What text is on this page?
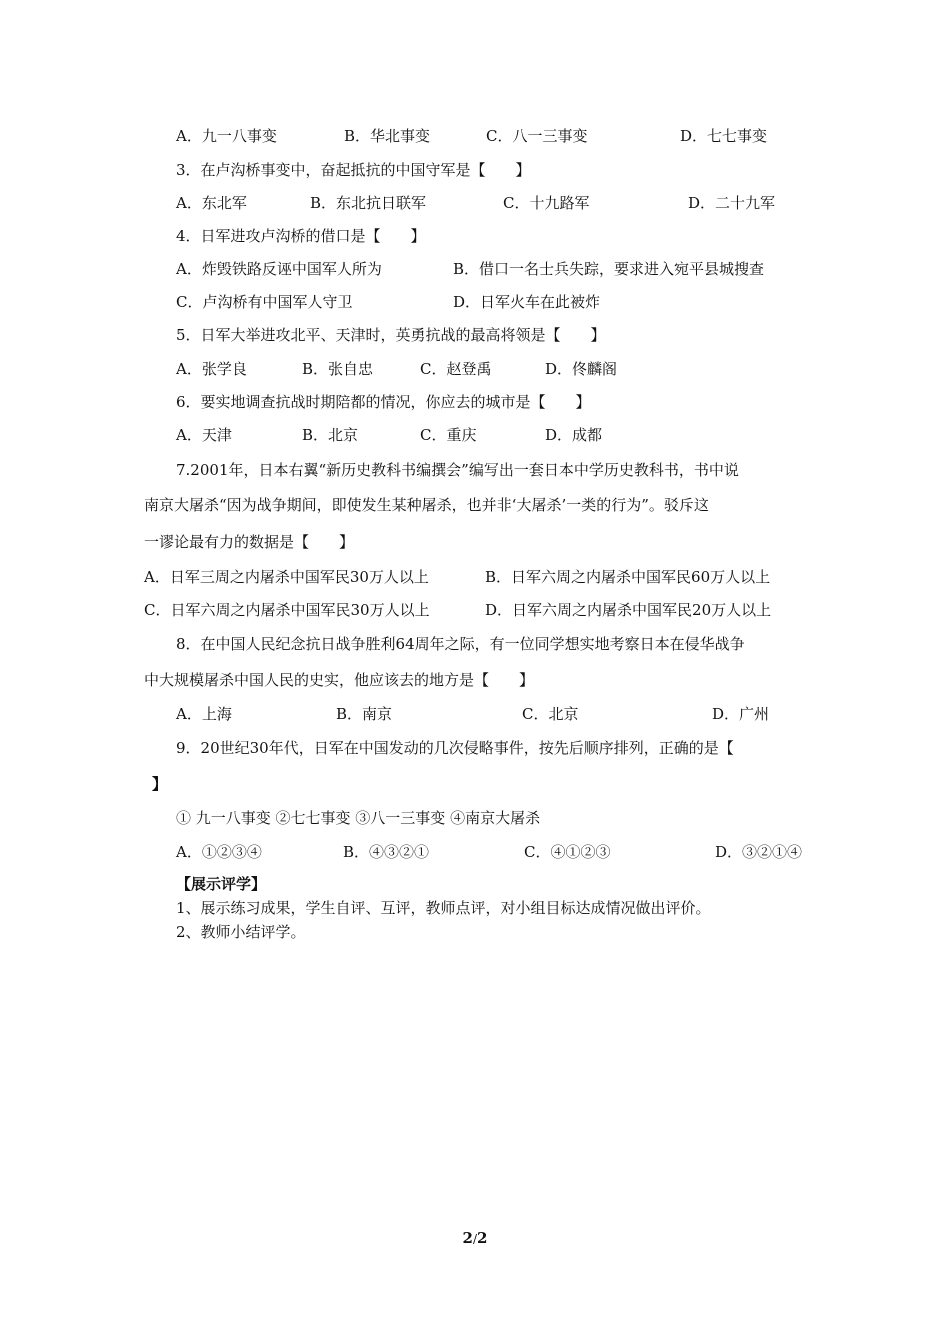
A．九一八事变	B．华北事变	C．八一三事变	D．七七事变
3．在卢沟桥事变中，奋起抵抗的中国守军是【　　】
A．东北军	B．东北抗日联军	C．十九路军	D．二十九军
4．日军进攻卢沟桥的借口是【　　】
A．炸毁铁路反诬中国军人所为	B．借口一名士兵失踪，要求进入宛平县城搜查
C．卢沟桥有中国军人守卫	D．日军火车在此被炸
5．日军大举进攻北平、天津时，英勇抗战的最高将领是【　　】
A．张学良	B．张自忠	C．赵登禹	D．佟麟阁
6．要实地调查抗战时期陪都的情况，你应去的城市是【　　】
A．天津	B．北京	C．重庆	D．成都
7.2001年，日本右翼“新历史教科书编撰会”编写出一套日本中学历史教科书，书中说
南京大屠杀“因为战争期间，即使发生某种屠杀，也并非‘大屠杀’一类的行为”。驳斥这
一谬论最有力的数据是【　　】
A．日军三周之内屠杀中国军民30万人以上	B．日军六周之内屠杀中国军民60万人以上
C．日军六周之内屠杀中国军民30万人以上	D．日军六周之内屠杀中国军民20万人以上
8．在中国人民纪念抗日战争胜利64周年之际，有一位同学想实地考察日本在侵华战争
中大规模屠杀中国人民的史实，他应该去的地方是【　　】
A．上海	B．南京	C．北京	D．广州
9．20世纪30年代，日军在中国发动的几次侵略事件，按先后顺序排列，正确的是【
】
① 九一八事变 ②七七事变 ③八一三事变 ④南京大屠杀
A．①②③④	B．④③②①	C．④①②③	D．③②①④
【展示评学】
1、展示练习成果，学生自评、互评，教师点评，对小组目标达成情况做出评价。
2、教师小结评学。
2/2
